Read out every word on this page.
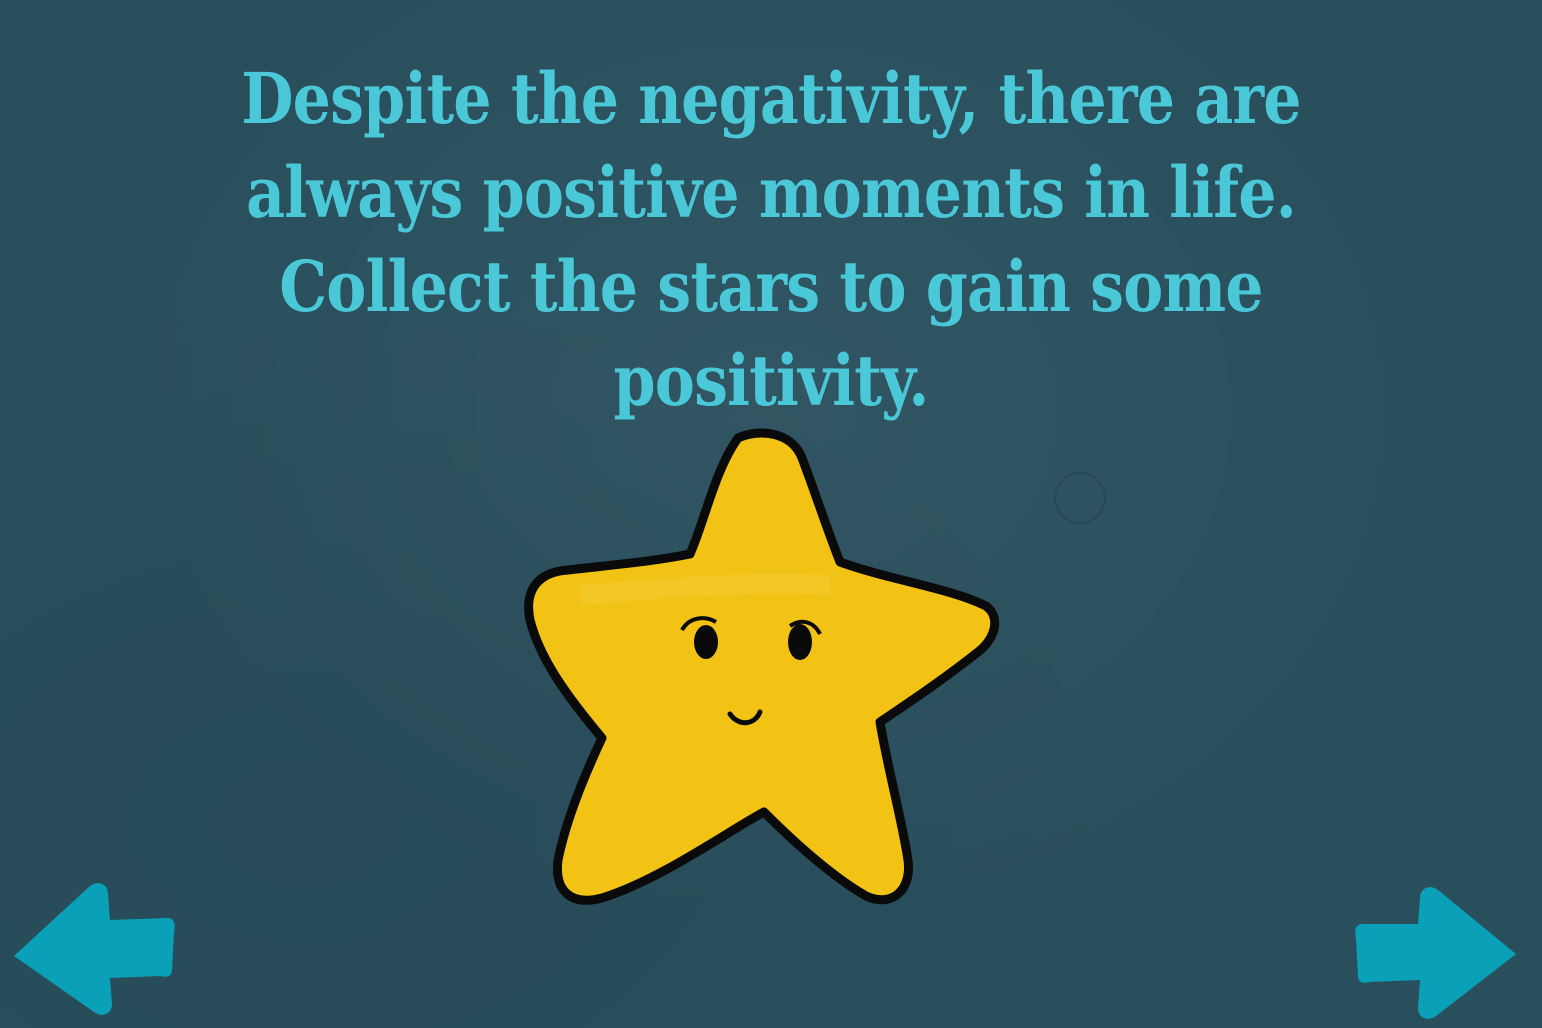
Despite the negativity, there are always positive moments in life. Collect the stars to gain some positivity.
